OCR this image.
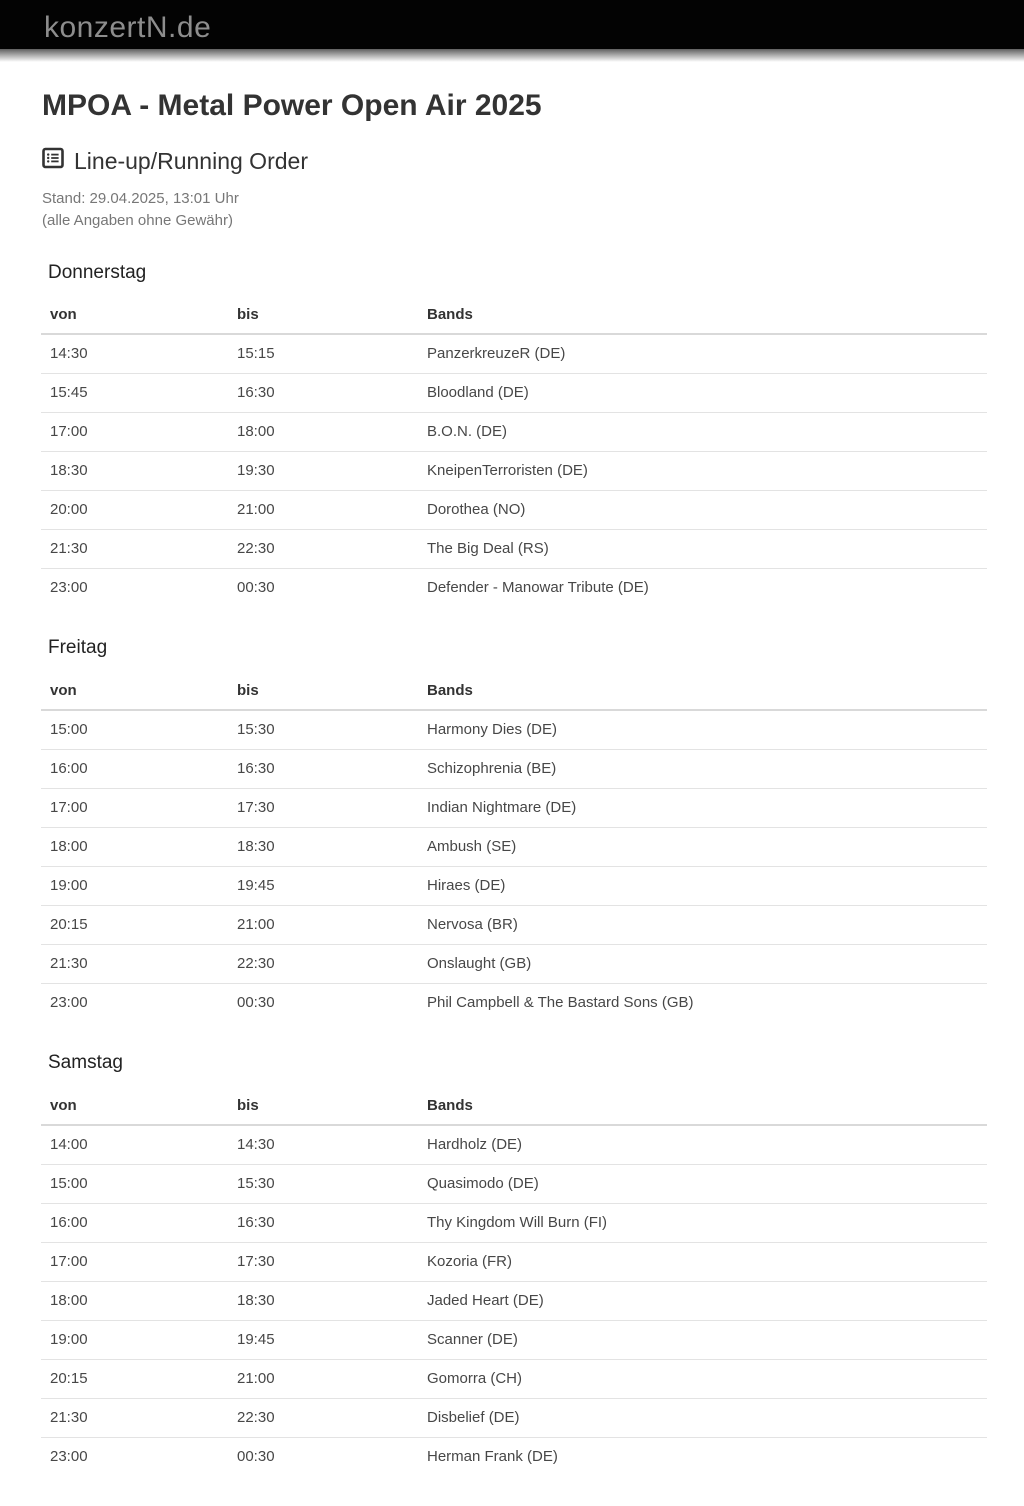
konzertN.de
MPOA - Metal Power Open Air 2025
Line-up/Running Order
Stand: 29.04.2025, 13:01 Uhr
(alle Angaben ohne Gewähr)
Donnerstag
von	bis	Bands
14:30	15:15	PanzerkreuzeR (DE)
15:45	16:30	Bloodland (DE)
17:00	18:00	B.O.N. (DE)
18:30	19:30	KneipenTerroristen (DE)
20:00	21:00	Dorothea (NO)
21:30	22:30	The Big Deal (RS)
23:00	00:30	Defender - Manowar Tribute (DE)
Freitag
von	bis	Bands
15:00	15:30	Harmony Dies (DE)
16:00	16:30	Schizophrenia (BE)
17:00	17:30	Indian Nightmare (DE)
18:00	18:30	Ambush (SE)
19:00	19:45	Hiraes (DE)
20:15	21:00	Nervosa (BR)
21:30	22:30	Onslaught (GB)
23:00	00:30	Phil Campbell & The Bastard Sons (GB)
Samstag
von	bis	Bands
14:00	14:30	Hardholz (DE)
15:00	15:30	Quasimodo (DE)
16:00	16:30	Thy Kingdom Will Burn (FI)
17:00	17:30	Kozoria (FR)
18:00	18:30	Jaded Heart (DE)
19:00	19:45	Scanner (DE)
20:15	21:00	Gomorra (CH)
21:30	22:30	Disbelief (DE)
23:00	00:30	Herman Frank (DE)
